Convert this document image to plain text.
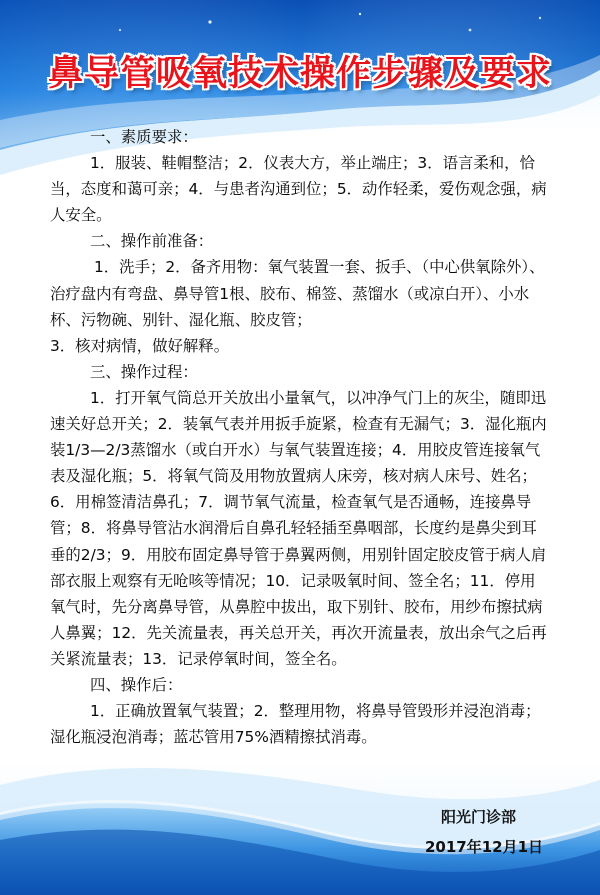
鼻导管吸氧技术操作步骤及要求

一、素质要求：

1．服装、鞋帽整洁；2．仪表大方，举止端庄；3．语言柔和，恰当，态度和蔼可亲；4．与患者沟通到位；5．动作轻柔，爱伤观念强，病人安全。

二、操作前准备：

1．洗手；2．备齐用物：氧气装置一套、扳手、（中心供氧除外）、治疗盘内有弯盘、鼻导管1根、胶布、棉签、蒸馏水（或凉白开）、小水杯、污物碗、别针、湿化瓶、胶皮管；

3．核对病情，做好解释。

三、操作过程：

1．打开氧气筒总开关放出小量氧气，以冲净气门上的灰尘，随即迅速关好总开关；2．装氧气表并用扳手旋紧，检查有无漏气；3．湿化瓶内装1/3—2/3蒸馏水（或白开水）与氧气装置连接；4．用胶皮管连接氧气表及湿化瓶；5．将氧气筒及用物放置病人床旁，核对病人床号、姓名；6．用棉签清洁鼻孔；7．调节氧气流量，检查氧气是否通畅，连接鼻导管；8．将鼻导管沾水润滑后自鼻孔轻轻插至鼻咽部，长度约是鼻尖到耳垂的2/3；9．用胶布固定鼻导管于鼻翼两侧，用别针固定胶皮管于病人肩部衣服上观察有无呛咳等情况；10．记录吸氧时间、签全名；11．停用氧气时，先分离鼻导管，从鼻腔中拔出，取下别针、胶布，用纱布擦拭病人鼻翼；12．先关流量表，再关总开关，再次开流量表，放出余气之后再关紧流量表；13．记录停氧时间，签全名。

四、操作后：

1．正确放置氧气装置；2．整理用物，将鼻导管毁形并浸泡消毒；湿化瓶浸泡消毒；蓝芯管用75%酒精擦拭消毒。

阳光门诊部
2017年12月1日
